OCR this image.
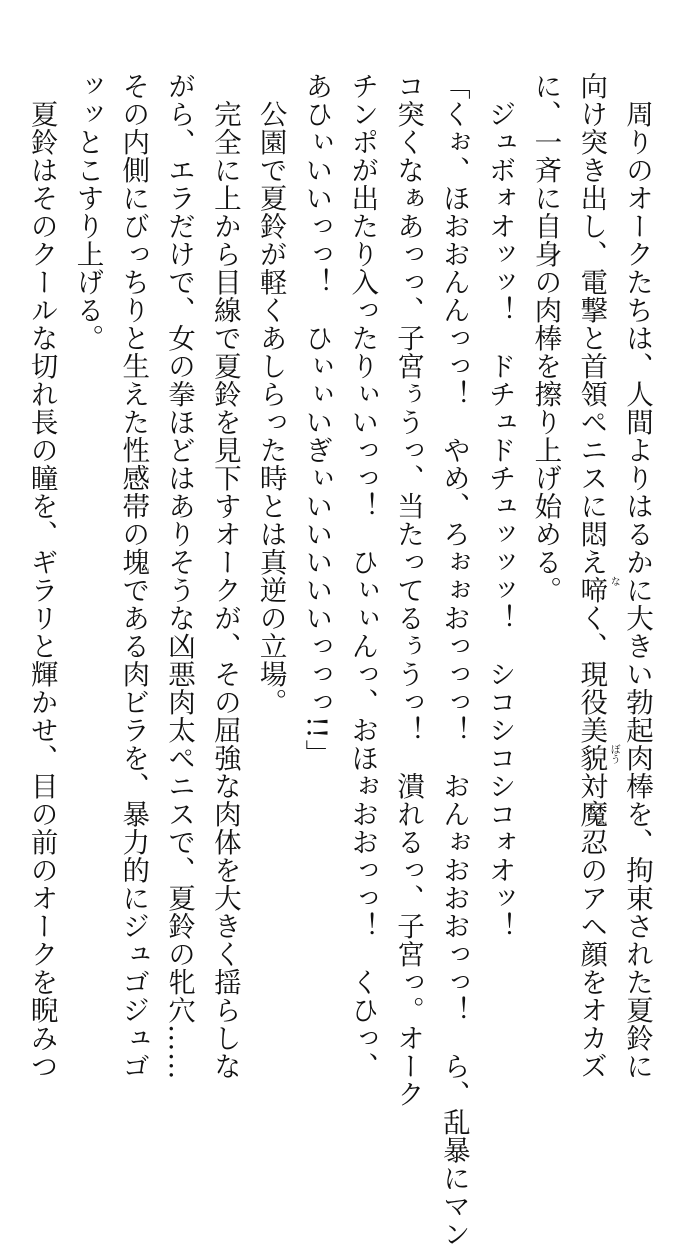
　周りのオークたちは、人間よりはるかに大きい勃起肉棒を、拘束された夏鈴に
向け突き出し、電撃と首領ペニスに悶え啼 な
く、現役美貌 ぼう
対魔忍のアヘ顔をオカズ
に、一斉に自身の肉棒を擦り上げ始める。
　ジュボォオッッ！　ドチュドチュッッッ！　シコシコシコォオッ！
「くぉ、ほおおんんっっ！　やめ、ろぉぉおっっっ！　おんぉおおおっっ！　ら、乱暴にマン
コ突くなぁあっっ、子宮ぅうっ、当たってるぅうっ！　潰れるっ、子宮っ。オーク
チンポが出たり入ったりぃいっっ！　ひぃぃんっ、おほぉおおっっ！　くひっ、
あひぃいいっっ！　ひぃぃいぎぃいいいいいっっっ!!」
　公園で夏鈴が軽くあしらった時とは真逆の立場。
　完全に上から目線で夏鈴を見下すオークが、その屈強な肉体を大きく揺らしな
がら、エラだけで、女の拳ほどはありそうな凶悪肉太ペニスで、夏鈴の牝穴……
その内側にびっちりと生えた性感帯の塊である肉ビラを、暴力的にジュゴジュゴ
ッッとこすり上げる。
　夏鈴はそのクールな切れ長の瞳を、ギラリと輝かせ、目の前のオークを睨みつ
